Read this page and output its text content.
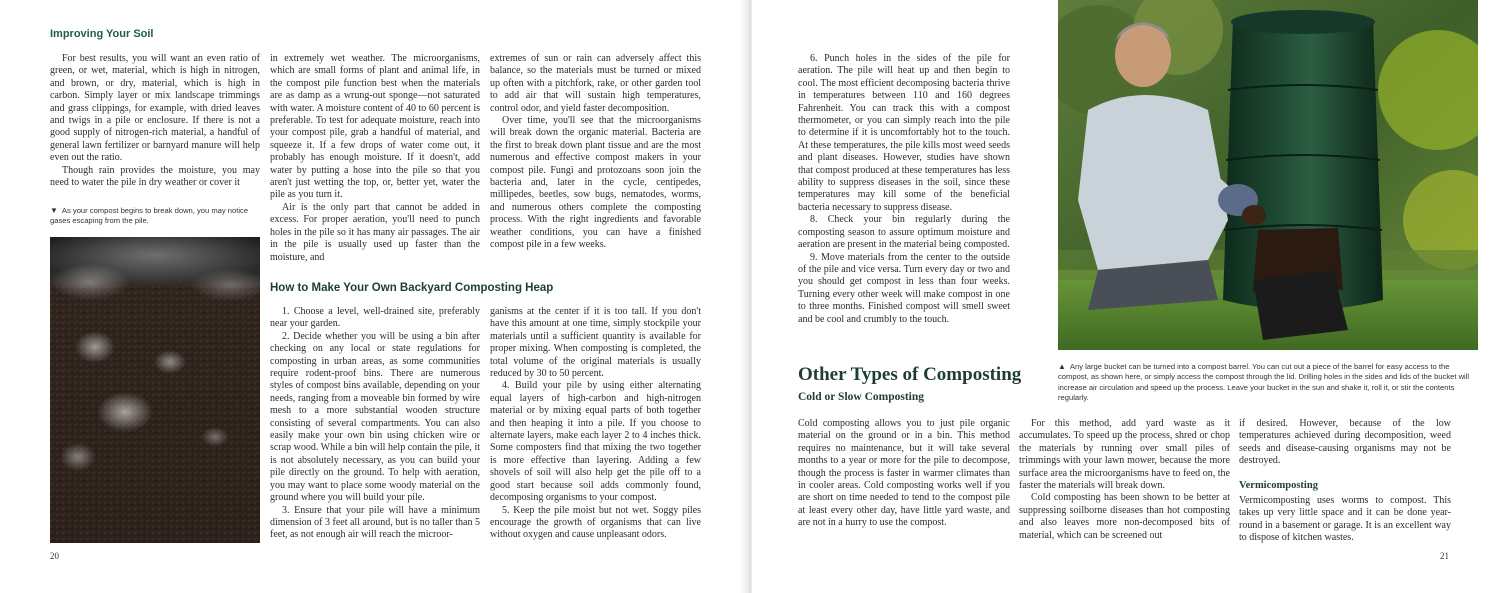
Improving Your Soil

For best results, you will want an even ratio of green, or wet, material, which is high in nitrogen, and brown, or dry, material, which is high in carbon. Simply layer or mix landscape trimmings and grass clippings, for example, with dried leaves and twigs in a pile or enclosure. If there is not a good supply of nitrogen-rich material, a handful of general lawn fertilizer or barnyard manure will help even out the ratio.

Though rain provides the moisture, you may need to water the pile in dry weather or cover it

▼ As your compost begins to break down, you may notice gases escaping from the pile.

in extremely wet weather. The microorganisms, which are small forms of plant and animal life, in the compost pile function best when the materials are as damp as a wrung-out sponge—not saturated with water. A moisture content of 40 to 60 percent is preferable. To test for adequate moisture, reach into your compost pile, grab a handful of material, and squeeze it. If a few drops of water come out, it probably has enough moisture. If it doesn't, add water by putting a hose into the pile so that you aren't just wetting the top, or, better yet, water the pile as you turn it.

Air is the only part that cannot be added in excess. For proper aeration, you'll need to punch holes in the pile so it has many air passages. The air in the pile is usually used up faster than the moisture, and

extremes of sun or rain can adversely affect this balance, so the materials must be turned or mixed up often with a pitchfork, rake, or other garden tool to add air that will sustain high temperatures, control odor, and yield faster decomposition.

Over time, you'll see that the microorganisms will break down the organic material. Bacteria are the first to break down plant tissue and are the most numerous and effective compost makers in your compost pile. Fungi and protozoans soon join the bacteria and, later in the cycle, centipedes, millipedes, beetles, sow bugs, nematodes, worms, and numerous others complete the composting process. With the right ingredients and favorable weather conditions, you can have a finished compost pile in a few weeks.

How to Make Your Own Backyard Composting Heap

1. Choose a level, well-drained site, preferably near your garden.

2. Decide whether you will be using a bin after checking on any local or state regulations for composting in urban areas, as some communities require rodent-proof bins. There are numerous styles of compost bins available, depending on your needs, ranging from a moveable bin formed by wire mesh to a more substantial wooden structure consisting of several compartments. You can also easily make your own bin using chicken wire or scrap wood. While a bin will help contain the pile, it is not absolutely necessary, as you can build your pile directly on the ground. To help with aeration, you may want to place some woody material on the ground where you will build your pile.

3. Ensure that your pile will have a minimum dimension of 3 feet all around, but is no taller than 5 feet, as not enough air will reach the microor-

ganisms at the center if it is too tall. If you don't have this amount at one time, simply stockpile your materials until a sufficient quantity is available for proper mixing. When composting is completed, the total volume of the original materials is usually reduced by 30 to 50 percent.

4. Build your pile by using either alternating equal layers of high-carbon and high-nitrogen material or by mixing equal parts of both together and then heaping it into a pile. If you choose to alternate layers, make each layer 2 to 4 inches thick. Some composters find that mixing the two together is more effective than layering. Adding a few shovels of soil will also help get the pile off to a good start because soil adds commonly found, decomposing organisms to your compost.

5. Keep the pile moist but not wet. Soggy piles encourage the growth of organisms that can live without oxygen and cause unpleasant odors.

20

6. Punch holes in the sides of the pile for aeration. The pile will heat up and then begin to cool. The most efficient decomposing bacteria thrive in temperatures between 110 and 160 degrees Fahrenheit. You can track this with a compost thermometer, or you can simply reach into the pile to determine if it is uncomfortably hot to the touch. At these temperatures, the pile kills most weed seeds and plant diseases. However, studies have shown that compost produced at these temperatures has less ability to suppress diseases in the soil, since these temperatures may kill some of the beneficial bacteria necessary to suppress disease.

8. Check your bin regularly during the composting season to assure optimum moisture and aeration are present in the material being composted.

9. Move materials from the center to the outside of the pile and vice versa. Turn every day or two and you should get compost in less than four weeks. Turning every other week will make compost in one to three months. Finished compost will smell sweet and be cool and crumbly to the touch.

▲ Any large bucket can be turned into a compost barrel. You can cut out a piece of the barrel for easy access to the compost, as shown here, or simply access the compost through the lid. Drilling holes in the sides and lids of the bucket will increase air circulation and speed up the process. Leave your bucket in the sun and shake it, roll it, or stir the contents regularly.
Other Types of Composting
Cold or Slow Composting

Cold composting allows you to just pile organic material on the ground or in a bin. This method requires no maintenance, but it will take several months to a year or more for the pile to decompose, though the process is faster in warmer climates than in cooler areas. Cold composting works well if you are short on time needed to tend to the compost pile at least every other day, have little yard waste, and are not in a hurry to use the compost.

For this method, add yard waste as it accumulates. To speed up the process, shred or chop the materials by running over small piles of trimmings with your lawn mower, because the more surface area the microorganisms have to feed on, the faster the materials will break down.

Cold composting has been shown to be better at suppressing soilborne diseases than hot composting and also leaves more non-decomposed bits of material, which can be screened out

if desired. However, because of the low temperatures achieved during decomposition, weed seeds and disease-causing organisms may not be destroyed.

Vermicomposting

Vermicomposting uses worms to compost. This takes up very little space and it can be done year-round in a basement or garage. It is an excellent way to dispose of kitchen wastes.

21
